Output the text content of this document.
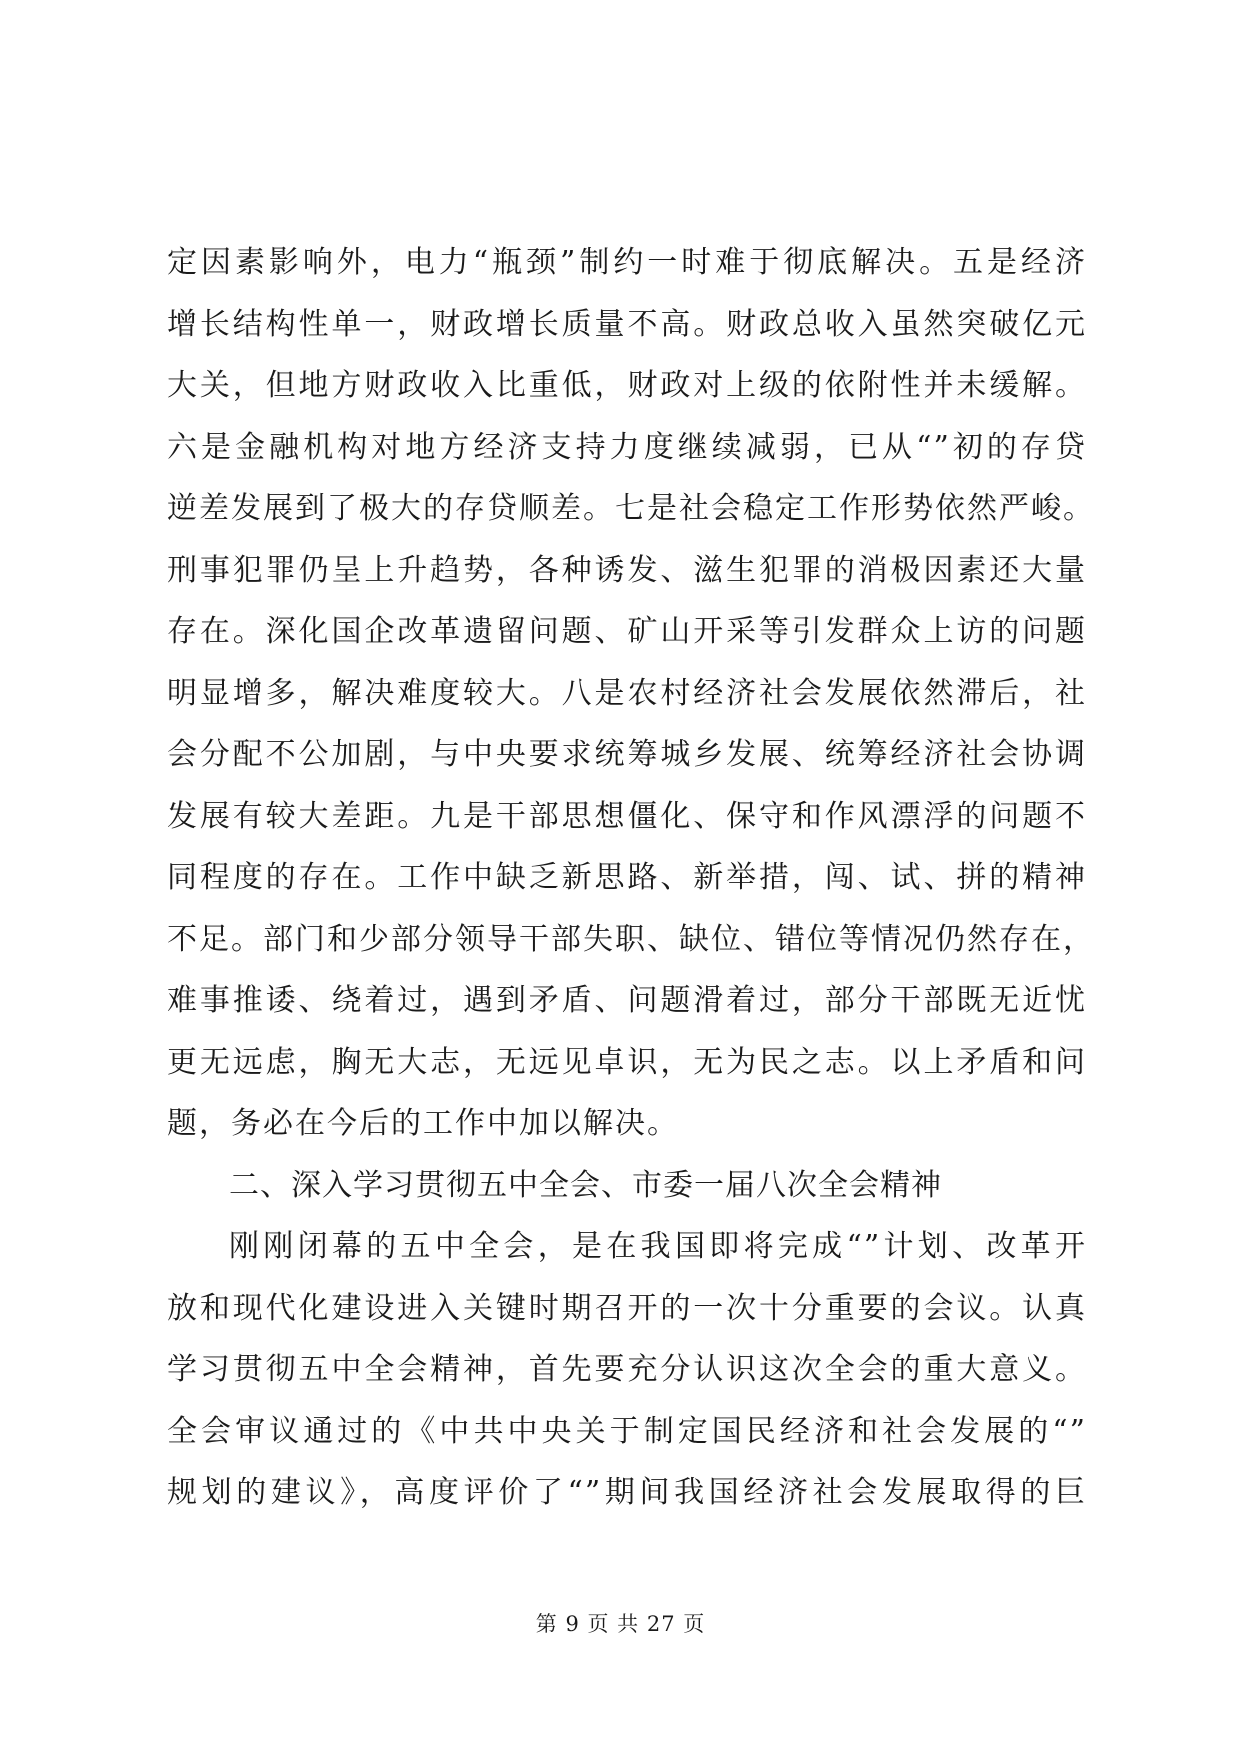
定因素影响外，电力“瓶颈”制约一时难于彻底解决。五是经济
增长结构性单一，财政增长质量不高。财政总收入虽然突破亿元
大关，但地方财政收入比重低，财政对上级的依附性并未缓解。
六是金融机构对地方经济支持力度继续减弱，已从“”初的存贷
逆差发展到了极大的存贷顺差。七是社会稳定工作形势依然严峻。
刑事犯罪仍呈上升趋势，各种诱发、滋生犯罪的消极因素还大量
存在。深化国企改革遗留问题、矿山开采等引发群众上访的问题
明显增多，解决难度较大。八是农村经济社会发展依然滞后，社
会分配不公加剧，与中央要求统筹城乡发展、统筹经济社会协调
发展有较大差距。九是干部思想僵化、保守和作风漂浮的问题不
同程度的存在。工作中缺乏新思路、新举措，闯、试、拼的精神
不足。部门和少部分领导干部失职、缺位、错位等情况仍然存在，
难事推诿、绕着过，遇到矛盾、问题滑着过，部分干部既无近忧
更无远虑，胸无大志，无远见卓识，无为民之志。以上矛盾和问
题，务必在今后的工作中加以解决。
二、深入学习贯彻五中全会、市委一届八次全会精神
刚刚闭幕的五中全会，是在我国即将完成“”计划、改革开
放和现代化建设进入关键时期召开的一次十分重要的会议。认真
学习贯彻五中全会精神，首先要充分认识这次全会的重大意义。
全会审议通过的《中共中央关于制定国民经济和社会发展的“”
规划的建议》，高度评价了“”期间我国经济社会发展取得的巨
第 9 页 共 27 页
